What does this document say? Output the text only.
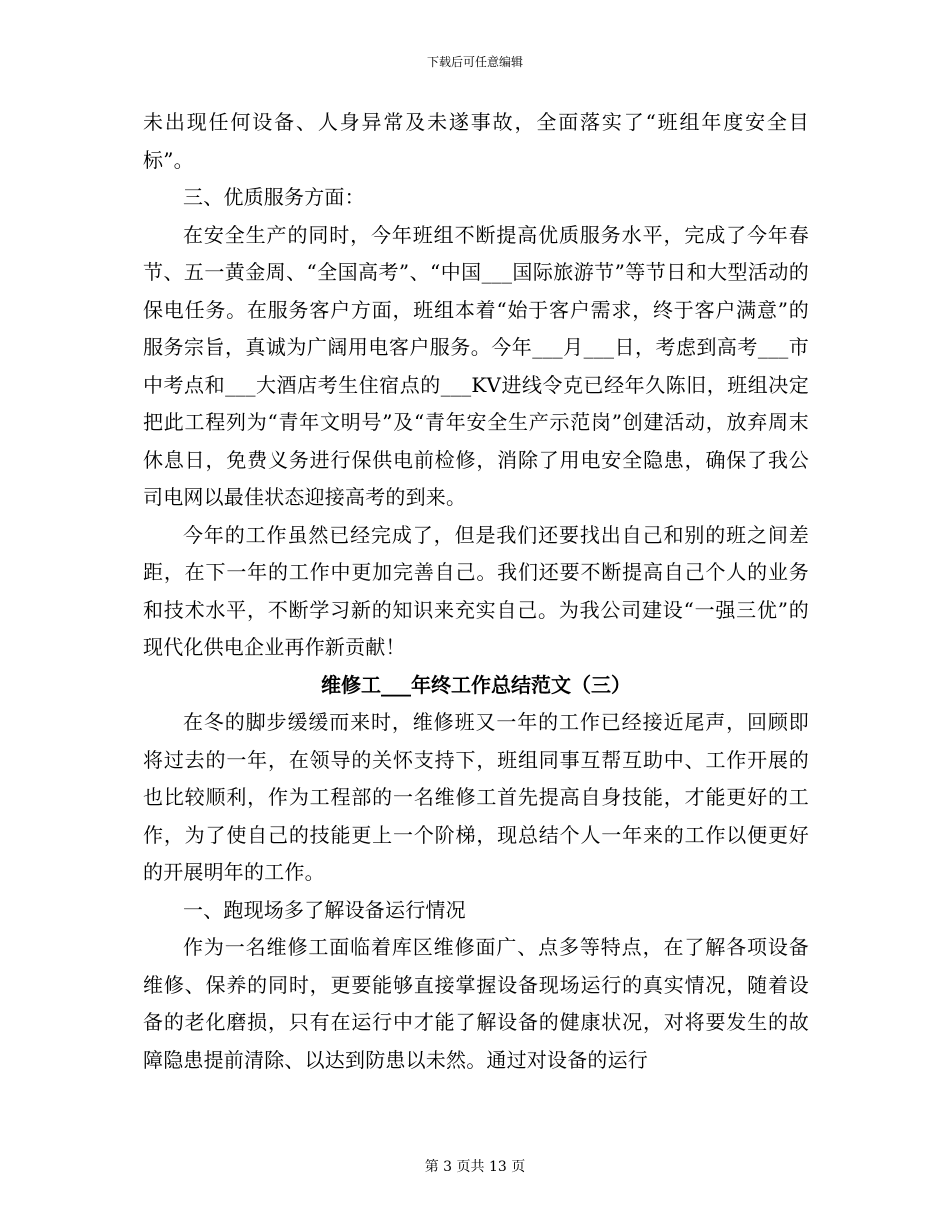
下载后可任意编辑

未出现任何设备、人身异常及未遂事故，全面落实了“班组年度安全目标”。

三、优质服务方面：

在安全生产的同时，今年班组不断提高优质服务水平，完成了今年春节、五一黄金周、“全国高考”、“中国___国际旅游节”等节日和大型活动的保电任务。在服务客户方面，班组本着“始于客户需求，终于客户满意”的服务宗旨，真诚为广阔用电客户服务。今年___月___日，考虑到高考___市中考点和___大酒店考生住宿点的___KV进线令克已经年久陈旧，班组决定把此工程列为“青年文明号”及“青年安全生产示范岗”创建活动，放弃周末休息日，免费义务进行保供电前检修，消除了用电安全隐患，确保了我公司电网以最佳状态迎接高考的到来。

今年的工作虽然已经完成了，但是我们还要找出自己和别的班之间差距，在下一年的工作中更加完善自己。我们还要不断提高自己个人的业务和技术水平，不断学习新的知识来充实自己。为我公司建设“一强三优”的现代化供电企业再作新贡献！

维修工___年终工作总结范文（三）

在冬的脚步缓缓而来时，维修班又一年的工作已经接近尾声，回顾即将过去的一年，在领导的关怀支持下，班组同事互帮互助中、工作开展的也比较顺利，作为工程部的一名维修工首先提高自身技能，才能更好的工作，为了使自己的技能更上一个阶梯，现总结个人一年来的工作以便更好的开展明年的工作。

一、跑现场多了解设备运行情况

作为一名维修工面临着库区维修面广、点多等特点，在了解各项设备维修、保养的同时，更要能够直接掌握设备现场运行的真实情况，随着设备的老化磨损，只有在运行中才能了解设备的健康状况，对将要发生的故障隐患提前清除、以达到防患以未然。通过对设备的运行

第 3 页共 13 页
